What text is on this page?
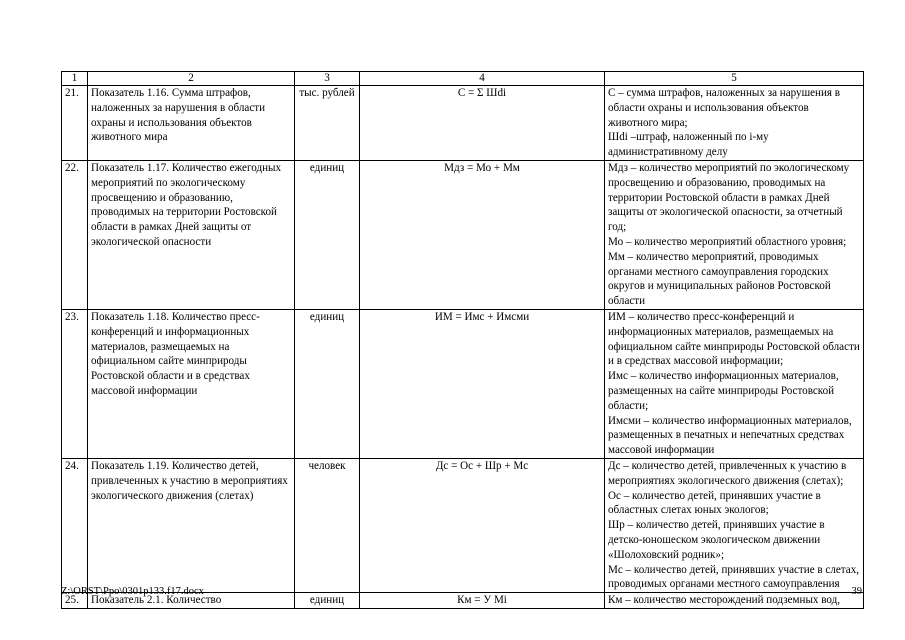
1	2	3	4	5
21.	Показатель 1.16. Сумма штрафов, наложенных за нарушения в области охраны и использования объектов животного мира	тыс. рублей	С = Σ Шdі	С – сумма штрафов, наложенных за нарушения в области охраны и использования объектов животного мира;
Шdі –штраф, наложенный по і-му административному делу

22.	Показатель 1.17. Количество ежегодных мероприятий по экологическому просвещению и образованию, проводимых на территории Ростовской области в рамках Дней защиты от экологической опасности	единиц	Мдз = Мо + Мм	Мдз – количество мероприятий по экологическому просвещению и образованию, проводимых на территории Ростовской области в рамках Дней защиты от экологической опасности, за отчетный год;
Мо – количество мероприятий областного уровня;
Мм – количество мероприятий, проводимых органами местного самоуправления городских округов и муниципальных районов Ростовской области

23.	Показатель 1.18. Количество пресс-конференций и информационных материалов, размещаемых на официальном сайте минприроды Ростовской области и в средствах массовой информации	единиц	ИМ = Имс + Имсми	ИМ – количество пресс-конференций и информационных материалов, размещаемых на официальном сайте минприроды Ростовской области и в средствах массовой информации;
Имс – количество информационных материалов, размещенных на сайте минприроды Ростовской области;
Имсми – количество информационных материалов, размещенных в печатных и непечатных средствах массовой информации

24.	Показатель 1.19. Количество детей, привлеченных к участию в мероприятиях экологического движения (слетах)	человек	Дс = Ос + Шр + Мс	Дс – количество детей, привлеченных к участию в мероприятиях экологического движения (слетах);
Ос – количество детей, принявших участие в областных слетах юных экологов;
Шр – количество детей, принявших участие в детско-юношеском экологическом движении «Шолоховский родник»;
Мс – количество детей, принявших участие в слетах, проводимых органами местного самоуправления

25.	Показатель 2.1. Количество	единиц	Км = У Мі	Км – количество месторождений подземных вод,
Z:\ORST\Ppo\0301p133.f17.docx	39
